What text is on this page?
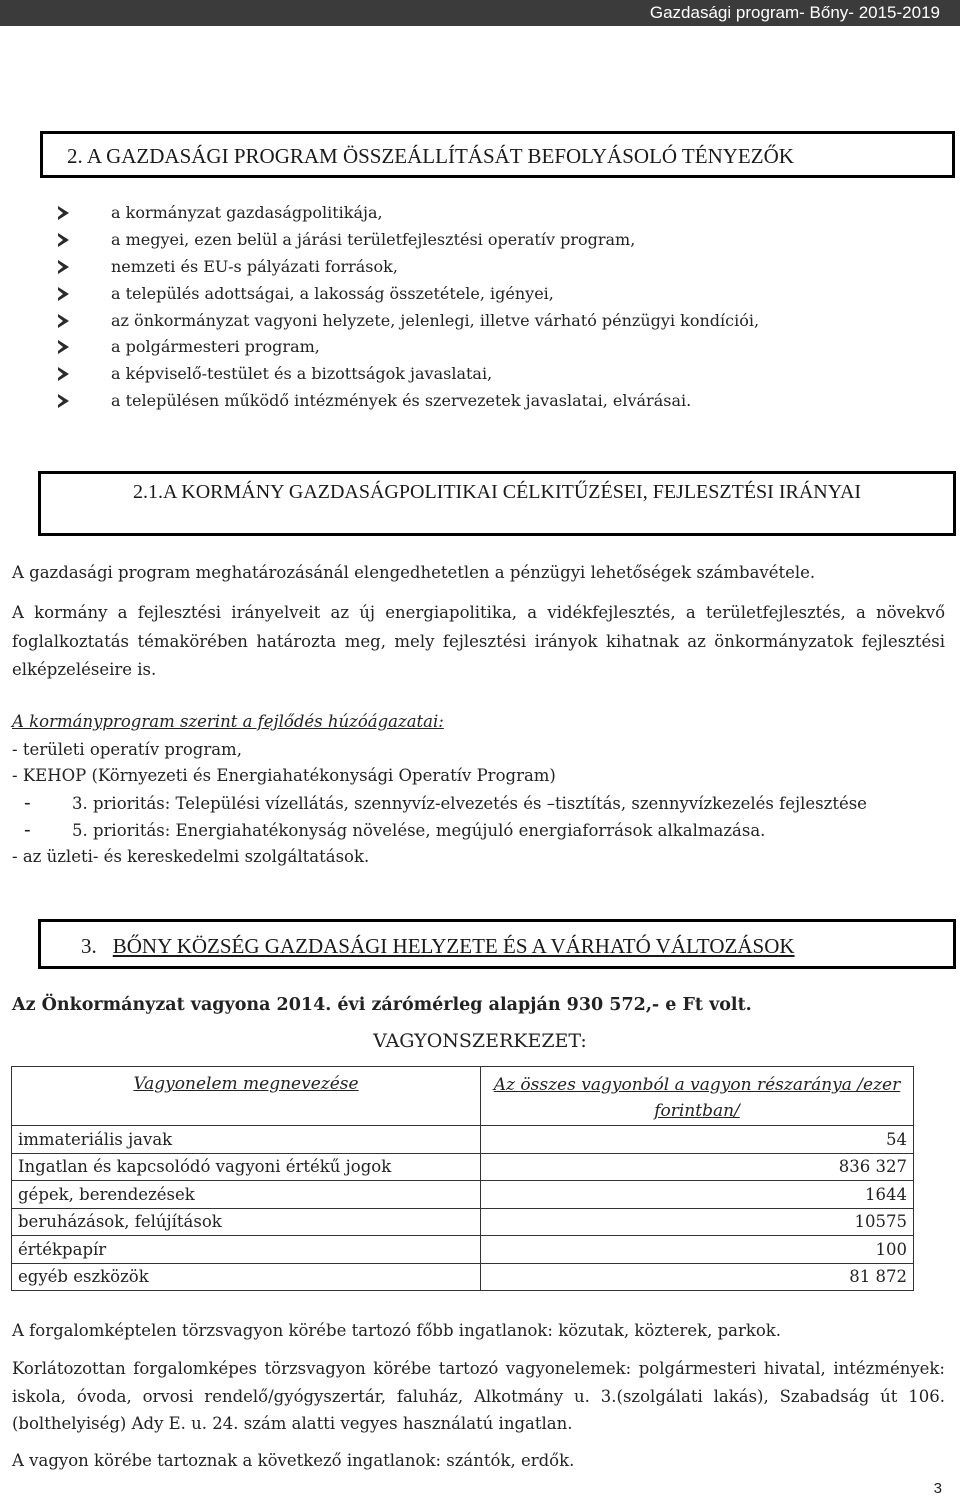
Gazdasági program- Bőny- 2015-2019
2. A GAZDASÁGI PROGRAM ÖSSZEÁLLÍTÁSÁT BEFOLYÁSOLÓ TÉNYEZŐK
a kormányzat gazdaságpolitikája,
a megyei, ezen belül a járási területfejlesztési operatív program,
nemzeti és EU-s pályázati források,
a település adottságai, a lakosság összetétele, igényei,
az önkormányzat vagyoni helyzete, jelenlegi, illetve várható pénzügyi kondíciói,
a polgármesteri program,
a képviselő-testület és a bizottságok javaslatai,
a településen működő intézmények és szervezetek javaslatai, elvárásai.
2.1.A KORMÁNY GAZDASÁGPOLITIKAI CÉLKITŰZÉSEI, FEJLESZTÉSI IRÁNYAI
A gazdasági program meghatározásánál elengedhetetlen a pénzügyi lehetőségek számbavétele.
A kormány a fejlesztési irányelveit az új energiapolitika, a vidékfejlesztés, a területfejlesztés, a növekvő foglalkoztatás témakörében határozta meg, mely fejlesztési irányok kihatnak az önkormányzatok fejlesztési elképzeléseire is.
A kormányprogram szerint a fejlődés húzóágazatai:
- területi operatív program,
- KEHOP (Környezeti és Energiahatékonysági Operatív Program)
-	3. prioritás: Települési vízellátás, szennyvíz-elvezetés és –tisztítás, szennyvízkezelés fejlesztése
-	5. prioritás: Energiahatékonyság növelése, megújuló energiaforrások alkalmazása.
- az üzleti- és kereskedelmi szolgáltatások.
3. BŐNY KÖZSÉG GAZDASÁGI HELYZETE ÉS A VÁRHATÓ VÁLTOZÁSOK
Az Önkormányzat vagyona 2014. évi zárómérleg alapján 930 572,- e Ft volt.
VAGYONSZERKEZET:
Vagyonelem megnevezése	Az összes vagyonból a vagyon részaránya /ezer forintban/
immateriális javak	54
Ingatlan és kapcsolódó vagyoni értékű jogok	836 327
gépek, berendezések	1644
beruházások, felújítások	10575
értékpapír	100
egyéb eszközök	81 872
A forgalomképtelen törzsvagyon körébe tartozó főbb ingatlanok: közutak, közterek, parkok.
Korlátozottan forgalomképes törzsvagyon körébe tartozó vagyonelemek: polgármesteri hivatal, intézmények: iskola, óvoda, orvosi rendelő/gyógyszertár, faluház, Alkotmány u. 3.(szolgálati lakás), Szabadság út 106.(bolthelyiség) Ady E. u. 24. szám alatti vegyes használatú ingatlan.
A vagyon körébe tartoznak a következő ingatlanok: szántók, erdők.
3
